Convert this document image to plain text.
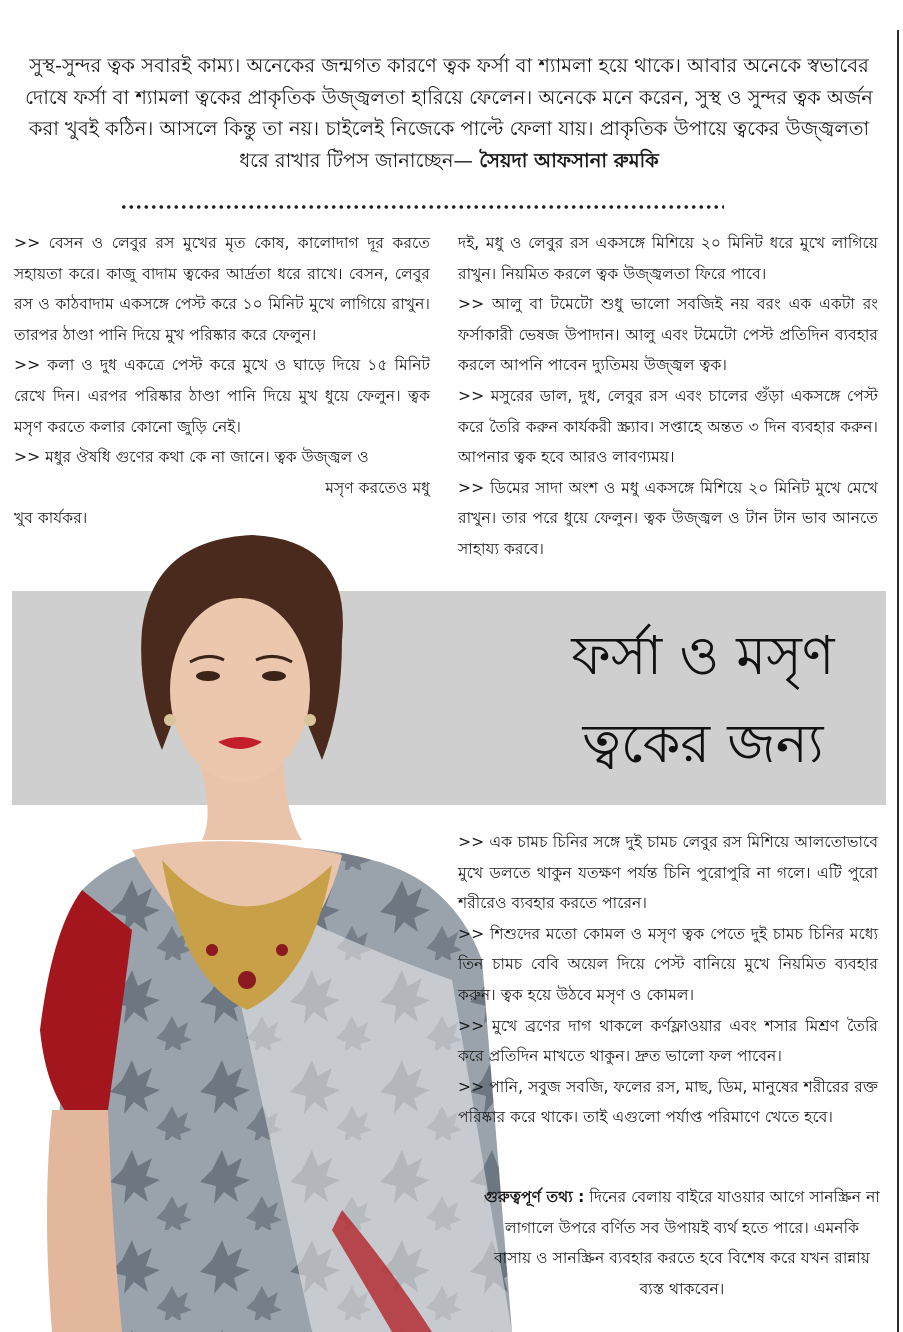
সুস্থ-সুন্দর ত্বক সবারই কাম্য। অনেকের জন্মগত কারণে ত্বক ফর্সা বা শ্যামলা হয়ে থাকে। আবার অনেকে স্বভাবের দোষে ফর্সা বা শ্যামলা ত্বকের প্রাকৃতিক উজ্জ্বলতা হারিয়ে ফেলেন। অনেকে মনে করেন, সুস্থ ও সুন্দর ত্বক অর্জন করা খুবই কঠিন। আসলে কিন্তু তা নয়। চাইলেই নিজেকে পাল্টে ফেলা যায়। প্রাকৃতিক উপায়ে ত্বকের উজ্জ্বলতা ধরে রাখার টিপস জানাচ্ছেন— সৈয়দা আফসানা রুমকি

>> বেসন ও লেবুর রস মুখের মৃত কোষ, কালোদাগ দূর করতে সহায়তা করে। কাজু বাদাম ত্বকের আর্দ্রতা ধরে রাখে। বেসন, লেবুর রস ও কাঠবাদাম একসঙ্গে পেস্ট করে ১০ মিনিট মুখে লাগিয়ে রাখুন। তারপর ঠাণ্ডা পানি দিয়ে মুখ পরিষ্কার করে ফেলুন।

>> কলা ও দুধ একত্রে পেস্ট করে মুখে ও ঘাড়ে দিয়ে ১৫ মিনিট রেখে দিন। এরপর পরিষ্কার ঠাণ্ডা পানি দিয়ে মুখ ধুয়ে ফেলুন। ত্বক মসৃণ করতে কলার কোনো জুড়ি নেই।

>> মধুর ঔষধি গুণের কথা কে না জানে। ত্বক উজ্জ্বল ও

মসৃণ করতেও মধু

খুব কার্যকর।

দই, মধু ও লেবুর রস একসঙ্গে মিশিয়ে ২০ মিনিট ধরে মুখে লাগিয়ে রাখুন। নিয়মিত করলে ত্বক উজ্জ্বলতা ফিরে পাবে।

>> আলু বা টমেটো শুধু ভালো সবজিই নয় বরং এক একটা রং ফর্সাকারী ভেষজ উপাদান। আলু এবং টমেটো পেস্ট প্রতিদিন ব্যবহার করলে আপনি পাবেন দ্যুতিময় উজ্জ্বল ত্বক।

>> মসুরের ডাল, দুধ, লেবুর রস এবং চালের গুঁড়া একসঙ্গে পেস্ট করে তৈরি করুন কার্যকরী স্ক্র্যাব। সপ্তাহে অন্তত ৩ দিন ব্যবহার করুন। আপনার ত্বক হবে আরও লাবণ্যময়।

>> ডিমের সাদা অংশ ও মধু একসঙ্গে মিশিয়ে ২০ মিনিট মুখে মেখে রাখুন। তার পরে ধুয়ে ফেলুন। ত্বক উজ্জ্বল ও টান টান ভাব আনতে সাহায্য করবে।

ফর্সা ও মসৃণ
ত্বকের জন্য

>> এক চামচ চিনির সঙ্গে দুই চামচ লেবুর রস মিশিয়ে আলতোভাবে মুখে ডলতে থাকুন যতক্ষণ পর্যন্ত চিনি পুরোপুরি না গলে। এটি পুরো শরীরেও ব্যবহার করতে পারেন।

>> শিশুদের মতো কোমল ও মসৃণ ত্বক পেতে দুই চামচ চিনির মধ্যে তিন চামচ বেবি অয়েল দিয়ে পেস্ট বানিয়ে মুখে নিয়মিত ব্যবহার করুন। ত্বক হয়ে উঠবে মসৃণ ও কোমল।

>> মুখে ব্রণের দাগ থাকলে কর্ণফ্লাওয়ার এবং শসার মিশ্রণ তৈরি করে প্রতিদিন মাখতে থাকুন। দ্রুত ভালো ফল পাবেন।

>> পানি, সবুজ সবজি, ফলের রস, মাছ, ডিম, মানুষের শরীরের রক্ত পরিষ্কার করে থাকে। তাই এগুলো পর্যাপ্ত পরিমাণে খেতে হবে।

গুরুত্বপূর্ণ তথ্য : দিনের বেলায় বাইরে যাওয়ার আগে সানস্ক্রিন না লাগালে উপরে বর্ণিত সব উপায়ই ব্যর্থ হতে পারে। এমনকি বাসায় ও সানস্ক্রিন ব্যবহার করতে হবে বিশেষ করে যখন রান্নায় ব্যস্ত থাকবেন।
